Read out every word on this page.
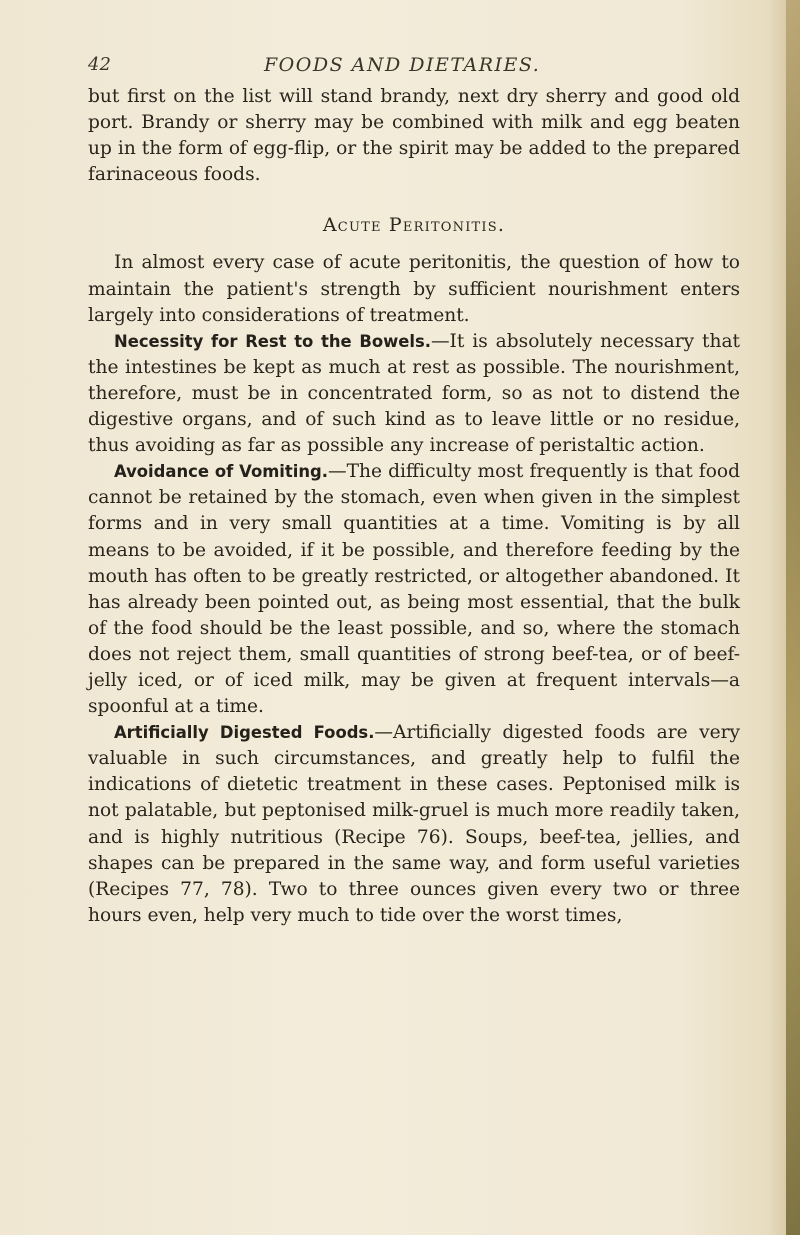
42	FOODS AND DIETARIES.

but first on the list will stand brandy, next dry sherry and good old port. Brandy or sherry may be combined with milk and egg beaten up in the form of egg-flip, or the spirit may be added to the prepared farinaceous foods.

Acute Peritonitis.

In almost every case of acute peritonitis, the question of how to maintain the patient's strength by sufficient nourishment enters largely into considerations of treatment.

Necessity for Rest to the Bowels.—It is absolutely necessary that the intestines be kept as much at rest as possible. The nourishment, therefore, must be in concentrated form, so as not to distend the digestive organs, and of such kind as to leave little or no residue, thus avoiding as far as possible any increase of peristaltic action.

Avoidance of Vomiting.—The difficulty most frequently is that food cannot be retained by the stomach, even when given in the simplest forms and in very small quantities at a time. Vomiting is by all means to be avoided, if it be possible, and therefore feeding by the mouth has often to be greatly restricted, or altogether abandoned. It has already been pointed out, as being most essential, that the bulk of the food should be the least possible, and so, where the stomach does not reject them, small quantities of strong beef-tea, or of beef-jelly iced, or of iced milk, may be given at frequent intervals—a spoonful at a time.

Artificially Digested Foods.—Artificially digested foods are very valuable in such circumstances, and greatly help to fulfil the indications of dietetic treatment in these cases. Peptonised milk is not palatable, but peptonised milk-gruel is much more readily taken, and is highly nutritious (Recipe 76). Soups, beef-tea, jellies, and shapes can be prepared in the same way, and form useful varieties (Recipes 77, 78). Two to three ounces given every two or three hours even, help very much to tide over the worst times,
